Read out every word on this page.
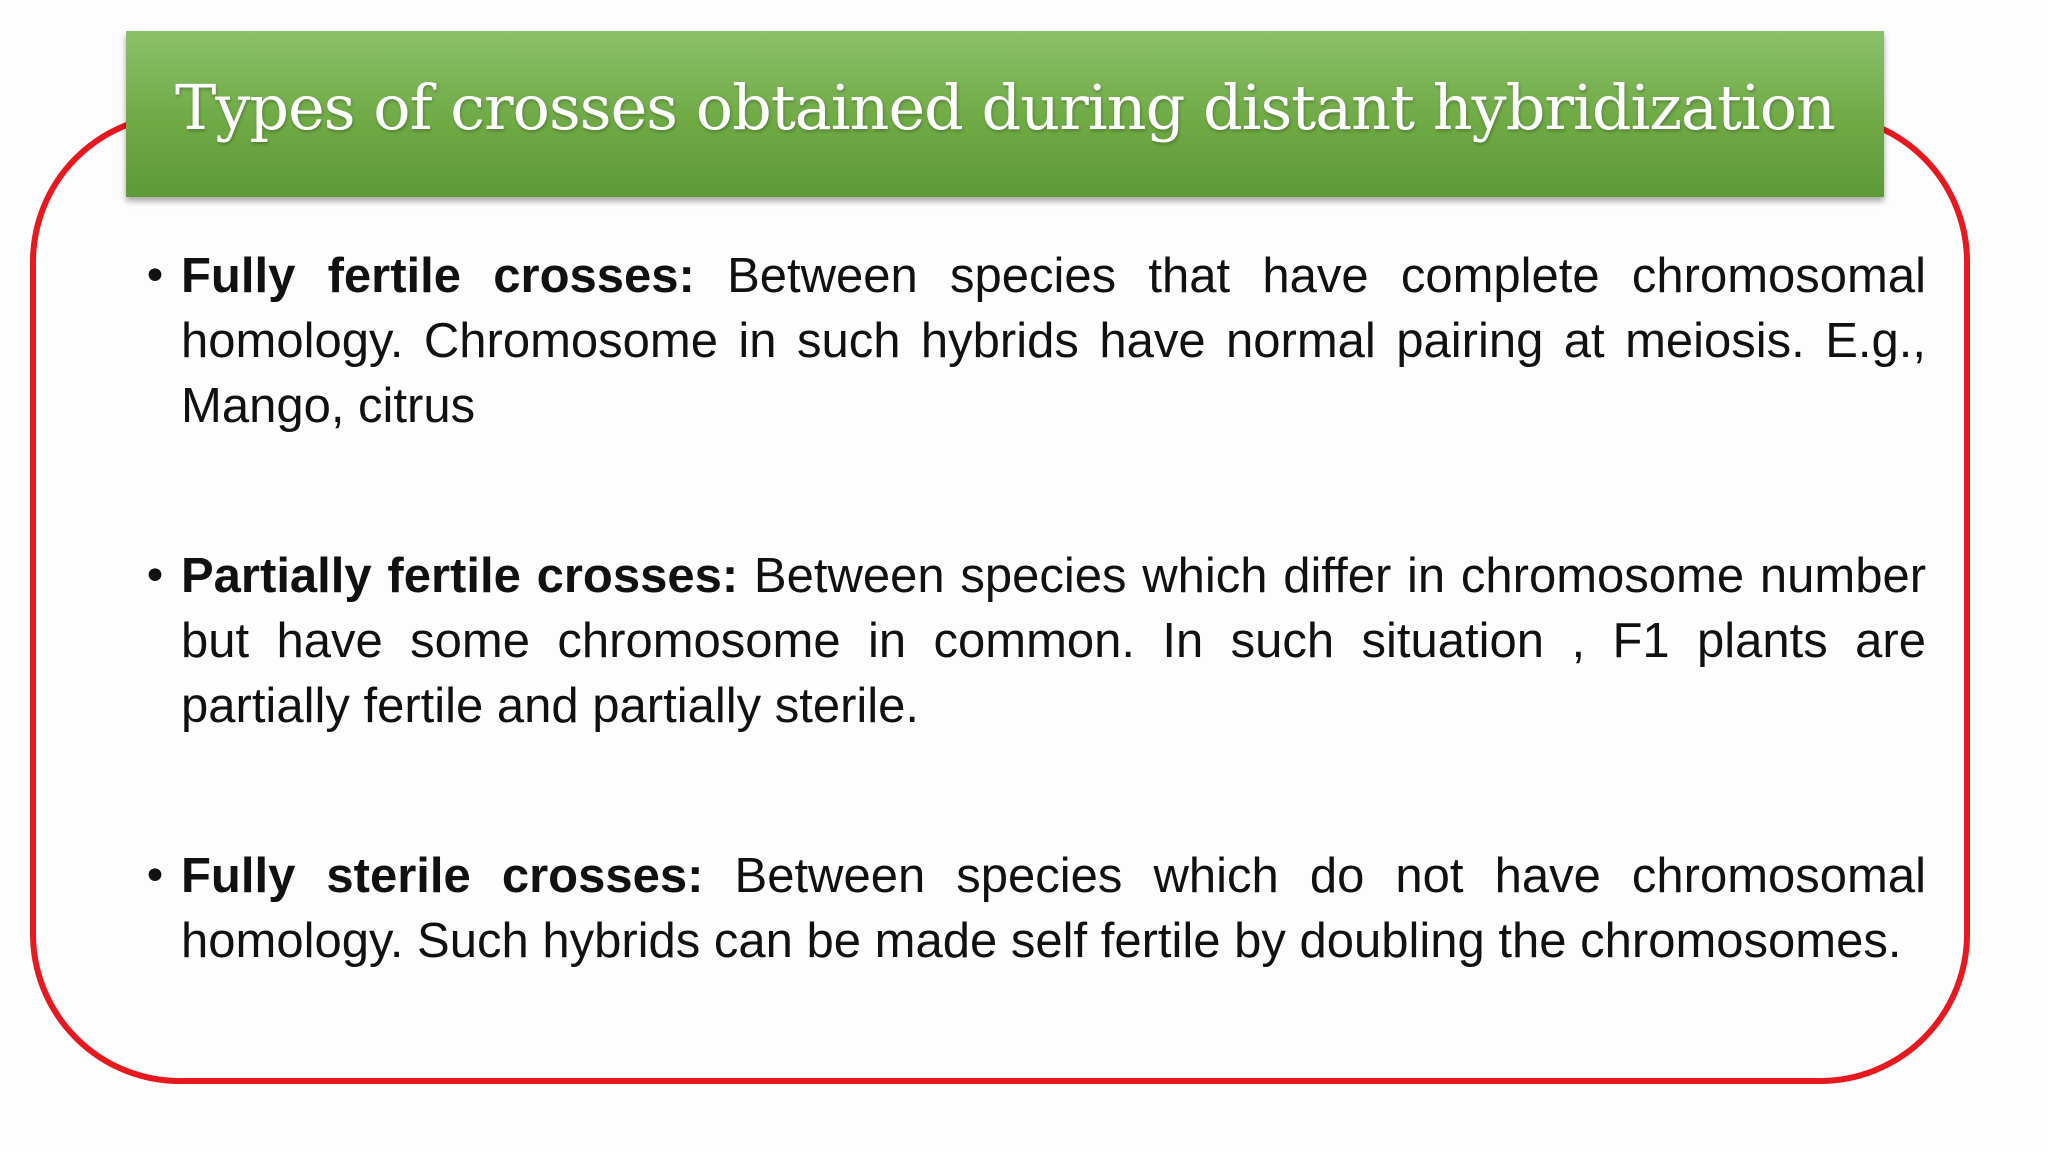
Types of crosses obtained during distant hybridization
• Fully fertile crosses: Between species that have complete chromosomal homology. Chromosome in such hybrids have normal pairing at meiosis. E.g., Mango, citrus
• Partially fertile crosses: Between species which differ in chromosome number but have some chromosome in common. In such situation , F1 plants are partially fertile and partially sterile.
• Fully sterile crosses: Between species which do not have chromosomal homology. Such hybrids can be made self fertile by doubling the chromosomes.
